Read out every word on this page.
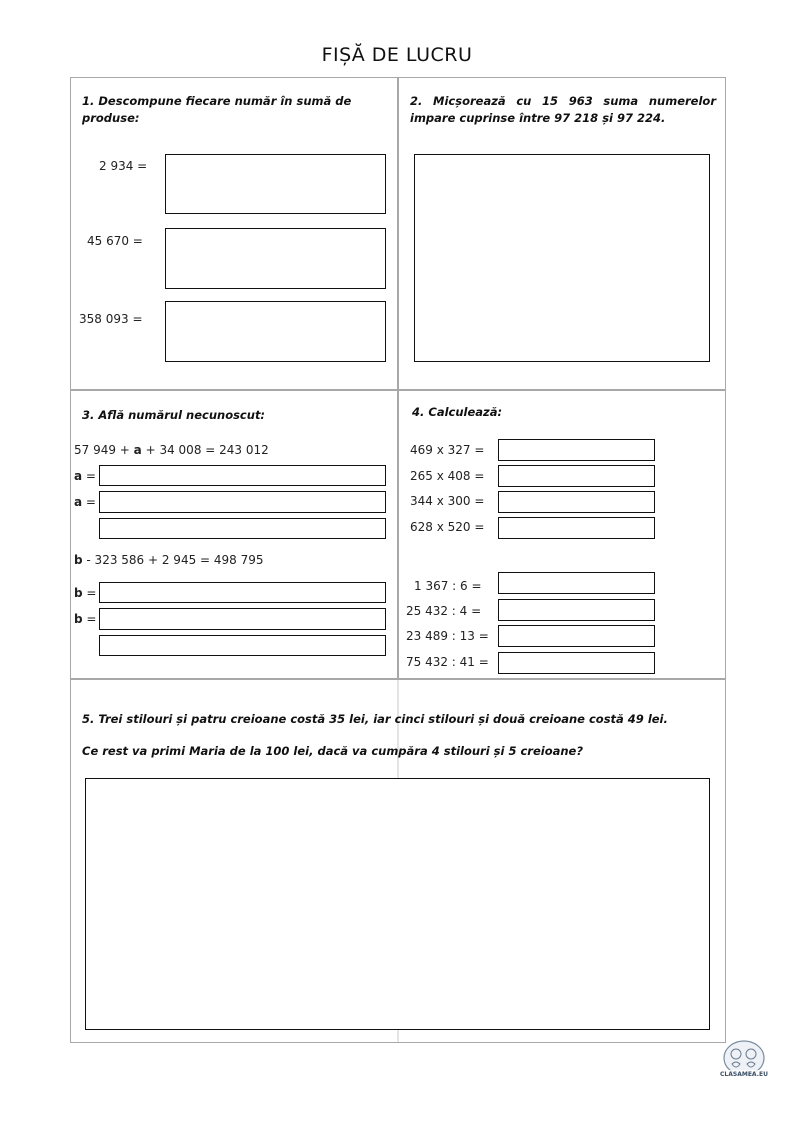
FIȘĂ DE LUCRU
1. Descompune fiecare număr în sumă de
produse:
2 934 =
45 670 =
358 093 =
2. Micșorează cu 15 963 suma numerelor
impare cuprinse între 97 218 și 97 224.
3. Află numărul necunoscut:
57 949 + a + 34 008 = 243 012
a =
a =
b - 323 586 + 2 945 = 498 795
b =
b =
4. Calculează:
469 x 327 =
265 x 408 =
344 x 300 =
628 x 520 =
1 367 : 6 =
25 432 : 4 =
23 489 : 13 =
75 432 : 41 =
5. Trei stilouri și patru creioane costă 35 lei, iar cinci stilouri și două creioane costă 49 lei.
Ce rest va primi Maria de la 100 lei, dacă va cumpăra 4 stilouri și 5 creioane?
CLASAMEA.EU
